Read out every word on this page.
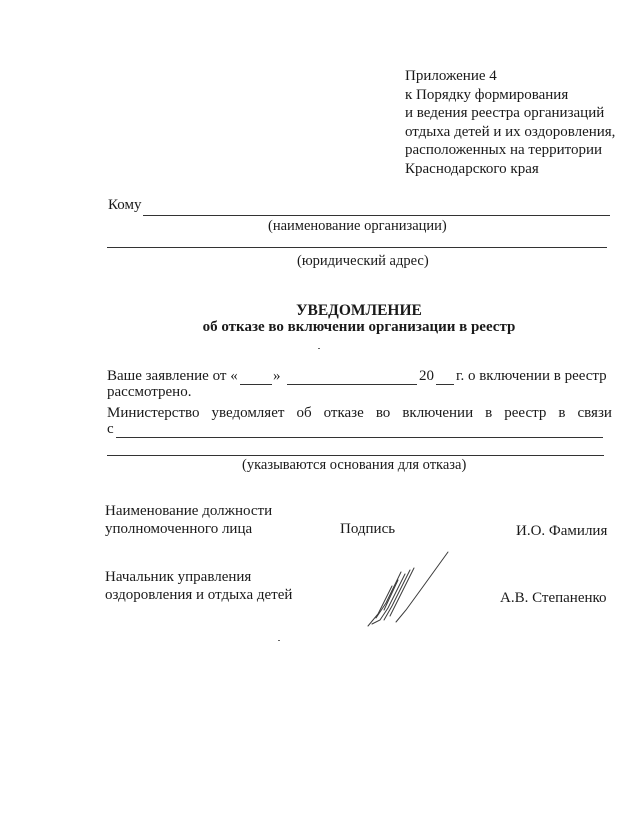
Приложение 4
к Порядку формирования
и ведения реестра организаций
отдыха детей и их оздоровления,
расположенных на территории
Краснодарского края
Кому
(наименование организации)
(юридический адрес)
УВЕДОМЛЕНИЕ
об отказе во включении организации в реестр
Ваше заявление от « »	20 г. о включении в реестр
рассмотрено.
Министерство уведомляет об отказе во включении в реестр в связи
с
(указываются основания для отказа)
Наименование должности
уполномоченного лица	Подпись	И.О. Фамилия
Начальник управления
оздоровления и отдыха детей	А.В. Степаненко
